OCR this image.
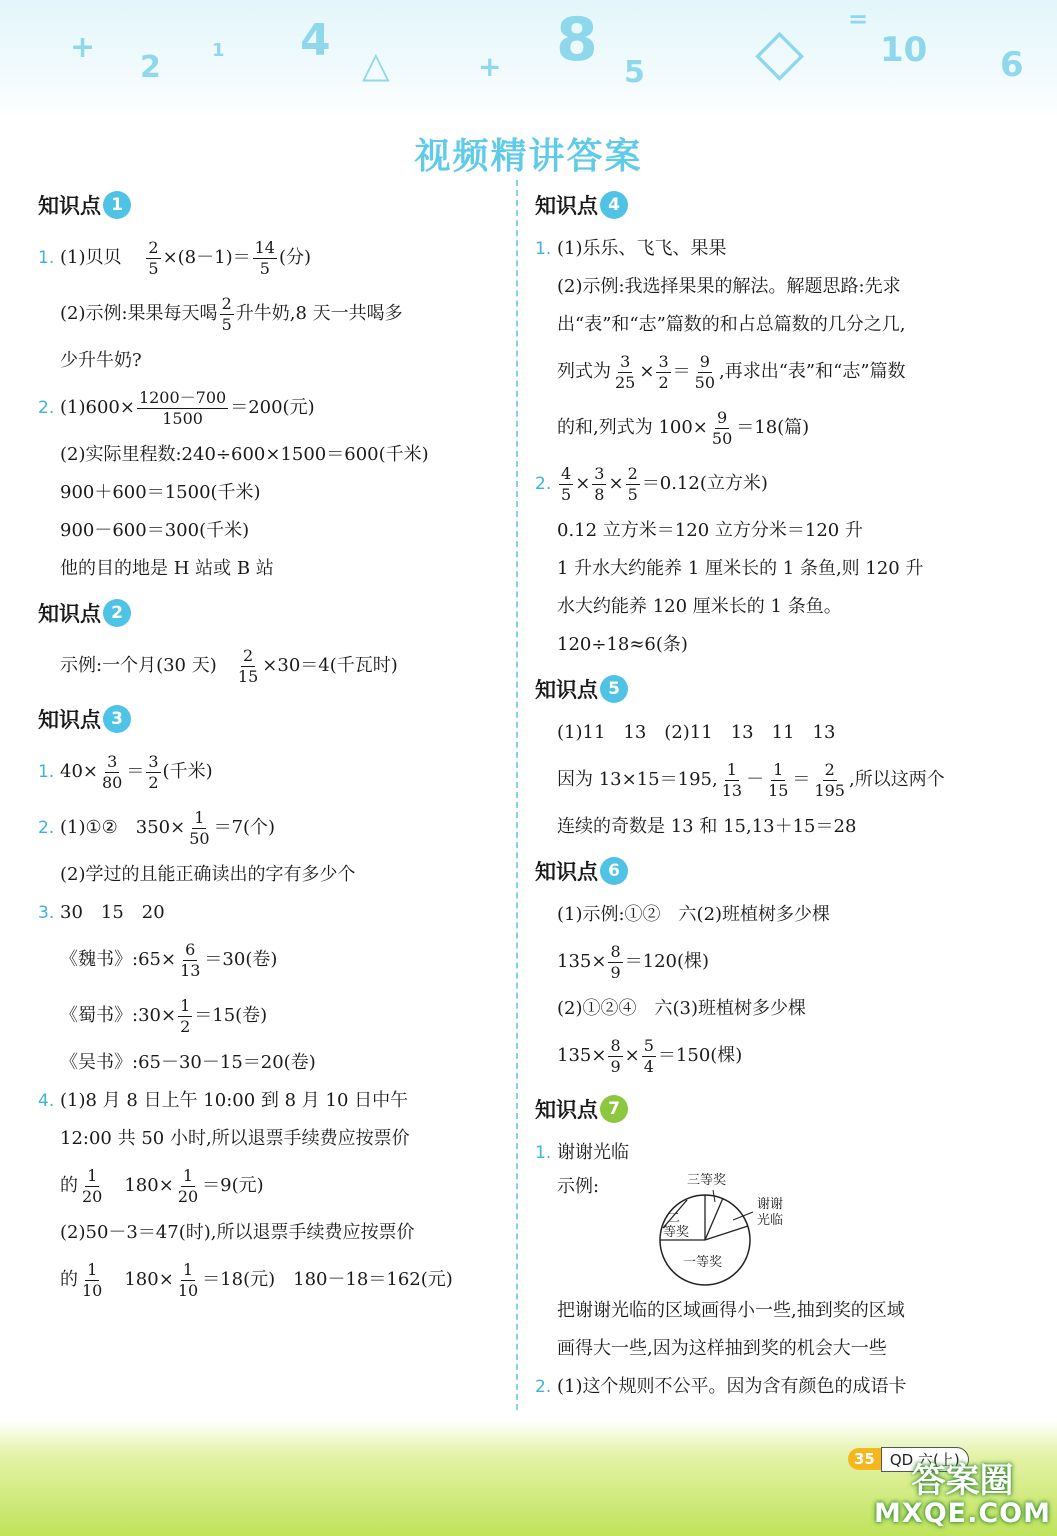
+
2	1 4 △	+ 8 5 ◇ =
10 6
视频精讲答案
知识点 1
1. (1)贝贝 $\frac{2}{5} \times(8-1)= \frac{14}{5}$ (分)
(2)示例:果果每天喝 $\frac{2}{5}$ 升牛奶,8 天一共喝多
少升牛奶?
2. $(1)600\times \frac{1200-700}{1500} =200$(元)
(2)实际里程数:240÷600×1500＝600(千米)
900＋600＝1500(千米)
900－600＝300(千米)
他的目的地是 H 站或 B 站
知识点 2
示例:一个月(30 天) $\frac{2}{15} \times 30=4$(千瓦时)
知识点 3
1. $40\times \frac{3}{80} = \frac{3}{2}$ (千米)
2. (1)①②　$350\times \frac{1}{50} =7$(个)
(2)学过的且能正确读出的字有多少个
3. 30　15　20
《魏书》:65× $\frac{6}{13} =30$(卷)
《蜀书》:30× $\frac{1}{2} =15$(卷)
《吴书》:65－30－15＝20(卷)
4. (1)8 月 8 日上午 10:00 到 8 月 10 日中午
12:00 共 50 小时,所以退票手续费应按票价
的 $\frac{1}{20}$ 　$180\times \frac{1}{20} =9$(元)
(2)50－3＝47(时),所以退票手续费应按票价
的 $\frac{1}{10}$ 　$180\times \frac{1}{10} =18$(元)　180－18＝162(元)
知识点 4
1. (1)乐乐、飞飞、果果
(2)示例:我选择果果的解法。解题思路:先求
出“表”和“志”篇数的和占总篇数的几分之几,
列式为 $\frac{3}{25} \times \frac{3}{2} = \frac{9}{50}$ ,再求出“表”和“志”篇数
的和,列式为 $100\times \frac{9}{50} =18$(篇)
2. $\frac{4}{5} \times \frac{3}{8} \times \frac{2}{5} =0.12$(立方米)
0.12 立方米＝120 立方分米＝120 升
1 升水大约能养 1 厘米长的 1 条鱼,则 120 升
水大约能养 120 厘米长的 1 条鱼。
120÷18≈6(条)
知识点 5
(1)11　13　(2)11　13　11　13
因为 13×15＝195, $\frac{1}{13} - \frac{1}{15} = \frac{2}{195}$ ,所以这两个
连续的奇数是 13 和 15,13＋15＝28
知识点 6
(1)示例:①②　六(2)班植树多少棵
$135\times \frac{8}{9} =120$(棵)
(2)①②④　六(3)班植树多少棵
$135\times \frac{8}{9} \times \frac{5}{4} =150$(棵)
知识点 7
1. 谢谢光临
示例:	三等奖
谢谢
光临
二
等奖
一等奖
把谢谢光临的区域画得小一些,抽到奖的区域
画得大一些,因为这样抽到奖的机会大一些
2. (1)这个规则不公平。因为含有颜色的成语卡
35	QD 六(上)
答案圈
MXQE.COM
